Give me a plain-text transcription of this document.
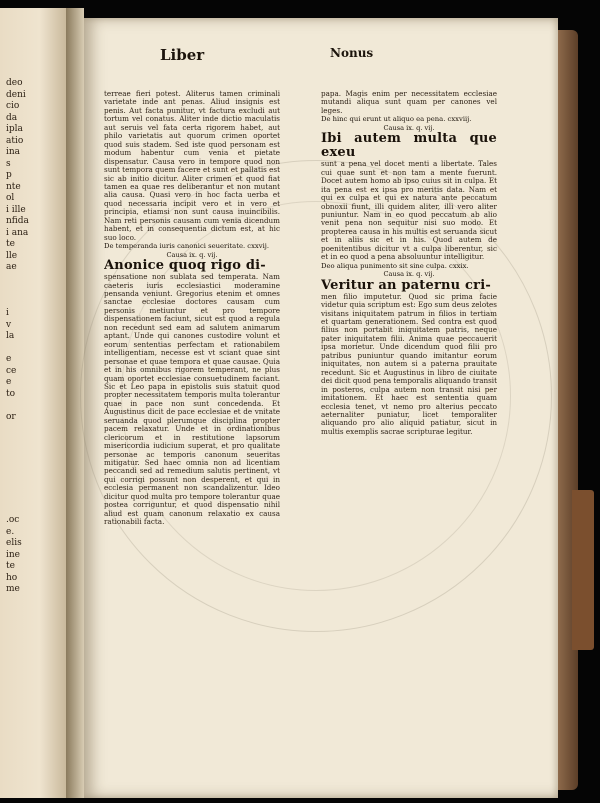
deo
deni
cio
da
ipla
atio
ina
s
p
nte
ol
i ille
nfida
i ana
te
lle
ae

i
v
la

e
ce
e
to

or

.oc
e.
elis
ine
te
ho
me
Liber	Nonus

terreae fieri potest. Aliterus tamen criminali varietate inde ant penas. Aliud insignis est penis. Aut facta punitur, vt factura excludi aut tortum vel conatus. Aliter inde dictio maculatis aut seruis vel fata certa rigorem habet, aut philo varietatis aut quorum crimen oportet quod suis stadem. Sed iste quod personam est modum habentur cum venia et pietate dispensatur. Causa vero in tempore quod non sunt tempora quem facere et sunt et pallatis est sic ab initio dicitur. Aliter crimen et quod fiat tamen ea quae res deliberantur et non mutant alia causa. Quasi vero in hoc facta uerba et quod necessaria incipit vero et in vero et principia, etiamsi non sunt causa inuincibilis. Nam reti personis causam cum venia dicendum habent, et in consequentia dictum est, at hic suo loco.

De temperanda iuris canonici seueritate. cxxvij.

Causa ix. q. vij.

Anonice quoq rigo di-

spensatione non sublata sed temperata. Nam caeteris iuris ecclesiastici moderamine pensanda veniunt. Gregorius etenim et omnes sanctae ecclesiae doctores causam cum personis metiuntur et pro tempore dispensationem faciunt, sicut est quod a regula non recedunt sed eam ad salutem animarum aptant. Unde qui canones custodire volunt et eorum sententias perfectam et rationabilem intelligentiam, necesse est vt sciant quae sint personae et quae tempora et quae causae. Quia et in his omnibus rigorem temperant, ne plus quam oportet ecclesiae consuetudinem faciant. Sic et Leo papa in epistolis suis statuit quod propter necessitatem temporis multa tolerantur quae in pace non sunt concedenda. Et Augustinus dicit de pace ecclesiae et de vnitate seruanda quod plerumque disciplina propter pacem relaxatur. Unde et in ordinationibus clericorum et in restitutione lapsorum misericordia iudicium superat, et pro qualitate personae ac temporis canonum seueritas mitigatur. Sed haec omnia non ad licentiam peccandi sed ad remedium salutis pertinent, vt qui corrigi possunt non desperent, et qui in ecclesia permanent non scandalizentur. Ideo dicitur quod multa pro tempore tolerantur quae postea corriguntur, et quod dispensatio nihil aliud est quam canonum relaxatio ex causa rationabili facta.

papa. Magis enim per necessitatem ecclesiae mutandi aliqua sunt quam per canones vel leges.

De hinc qui erunt ut aliquo ea pena. cxxviij.

Causa ix. q. vij.

Ibi autem multa que exeu

sunt a pena vel docet menti a libertate. Tales cui quae sunt et non tam a mente fuerunt. Docet autem homo ab ipso cuius sit in culpa. Et ita pena est ex ipsa pro meritis data. Nam et qui ex culpa et qui ex natura ante peccatum obnoxii fiunt, illi quidem aliter, illi vero aliter puniuntur. Nam in eo quod peccatum ab alio venit pena non sequitur nisi suo modo. Et propterea causa in his multis est seruanda sicut et in aliis sic et in his. Quod autem de poenitentibus dicitur vt a culpa liberentur, sic et in eo quod a pena absoluuntur intelligitur.

Deo aliqua punimento sit sine culpa. cxxix.

Causa ix. q. vij.

Veritur an paternu cri-

men filio imputetur. Quod sic prima facie videtur quia scriptum est: Ego sum deus zelotes visitans iniquitatem patrum in filios in tertiam et quartam generationem. Sed contra est quod filius non portabit iniquitatem patris, neque pater iniquitatem filii. Anima quae peccauerit ipsa morietur. Unde dicendum quod filii pro patribus puniuntur quando imitantur eorum iniquitates, non autem si a paterna prauitate recedunt. Sic et Augustinus in libro de ciuitate dei dicit quod pena temporalis aliquando transit in posteros, culpa autem non transit nisi per imitationem. Et haec est sententia quam ecclesia tenet, vt nemo pro alterius peccato aeternaliter puniatur, licet temporaliter aliquando pro alio aliquid patiatur, sicut in multis exemplis sacrae scripturae legitur.
